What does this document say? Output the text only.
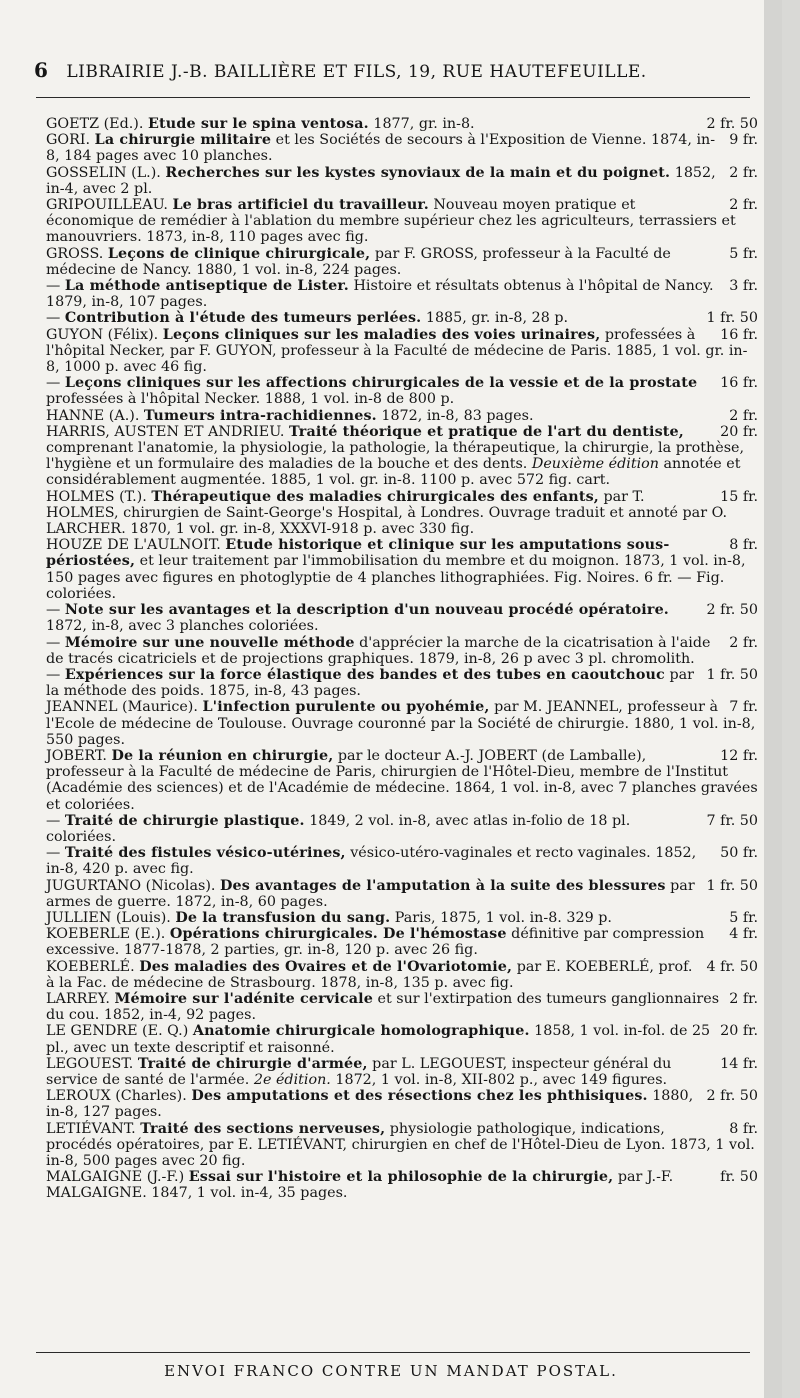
6 LIBRAIRIE J.-B. BAILLIÈRE ET FILS, 19, RUE HAUTEFEUILLE.
2 fr. 50
GOETZ (Ed.). Etude sur le spina ventosa. 1877, gr. in-8.
9 fr.
GORI. La chirurgie militaire et les Sociétés de secours à l'Exposition de Vienne. 1874, in-8, 184 pages avec 10 planches.
2 fr.
GOSSELIN (L.). Recherches sur les kystes synoviaux de la main et du poignet. 1852, in-4, avec 2 pl.
2 fr.
GRIPOUILLEAU. Le bras artificiel du travailleur. Nouveau moyen pratique et économique de remédier à l'ablation du membre supérieur chez les agriculteurs, terrassiers et manouvriers. 1873, in-8, 110 pages avec fig.
5 fr.
GROSS. Leçons de clinique chirurgicale, par F. GROSS, professeur à la Faculté de médecine de Nancy. 1880, 1 vol. in-8, 224 pages.
3 fr.
— La méthode antiseptique de Lister. Histoire et résultats obtenus à l'hôpital de Nancy. 1879, in-8, 107 pages.
1 fr. 50
— Contribution à l'étude des tumeurs perlées. 1885, gr. in-8, 28 p.
16 fr.
GUYON (Félix). Leçons cliniques sur les maladies des voies urinaires, professées à l'hôpital Necker, par F. GUYON, professeur à la Faculté de médecine de Paris. 1885, 1 vol. gr. in-8, 1000 p. avec 46 fig.
16 fr.
— Leçons cliniques sur les affections chirurgicales de la vessie et de la prostate professées à l'hôpital Necker. 1888, 1 vol. in-8 de 800 p.
2 fr.
HANNE (A.). Tumeurs intra-rachidiennes. 1872, in-8, 83 pages.
20 fr.
HARRIS, AUSTEN ET ANDRIEU. Traité théorique et pratique de l'art du dentiste, comprenant l'anatomie, la physiologie, la pathologie, la thérapeutique, la chirurgie, la prothèse, l'hygiène et un formulaire des maladies de la bouche et des dents. Deuxième édition annotée et considérablement augmentée. 1885, 1 vol. gr. in-8. 1100 p. avec 572 fig. cart.
15 fr.
HOLMES (T.). Thérapeutique des maladies chirurgicales des enfants, par T. HOLMES, chirurgien de Saint-George's Hospital, à Londres. Ouvrage traduit et annoté par O. LARCHER. 1870, 1 vol. gr. in-8, XXXVI-918 p. avec 330 fig.
8 fr.
HOUZE DE L'AULNOIT. Etude historique et clinique sur les amputations sous-périostées, et leur traitement par l'immobilisation du membre et du moignon. 1873, 1 vol. in-8, 150 pages avec figures en photoglyptie de 4 planches lithographiées. Fig. Noires. 6 fr. — Fig. coloriées.
2 fr. 50
— Note sur les avantages et la description d'un nouveau procédé opératoire. 1872, in-8, avec 3 planches coloriées.
2 fr.
— Mémoire sur une nouvelle méthode d'apprécier la marche de la cicatrisation à l'aide de tracés cicatriciels et de projections graphiques. 1879, in-8, 26 p avec 3 pl. chromolith.
1 fr. 50
— Expériences sur la force élastique des bandes et des tubes en caoutchouc par la méthode des poids. 1875, in-8, 43 pages.
7 fr.
JEANNEL (Maurice). L'infection purulente ou pyohémie, par M. JEANNEL, professeur à l'Ecole de médecine de Toulouse. Ouvrage couronné par la Société de chirurgie. 1880, 1 vol. in-8, 550 pages.
12 fr.
JOBERT. De la réunion en chirurgie, par le docteur A.-J. JOBERT (de Lamballe), professeur à la Faculté de médecine de Paris, chirurgien de l'Hôtel-Dieu, membre de l'Institut (Académie des sciences) et de l'Académie de médecine. 1864, 1 vol. in-8, avec 7 planches gravées et coloriées.
7 fr. 50
— Traité de chirurgie plastique. 1849, 2 vol. in-8, avec atlas in-folio de 18 pl. coloriées.
50 fr.
— Traité des fistules vésico-utérines, vésico-utéro-vaginales et recto vaginales. 1852, in-8, 420 p. avec fig.
1 fr. 50
JUGURTANO (Nicolas). Des avantages de l'amputation à la suite des blessures par armes de guerre. 1872, in-8, 60 pages.
5 fr.
JULLIEN (Louis). De la transfusion du sang. Paris, 1875, 1 vol. in-8. 329 p.
4 fr.
KOEBERLE (E.). Opérations chirurgicales. De l'hémostase définitive par compression excessive. 1877-1878, 2 parties, gr. in-8, 120 p. avec 26 fig.
4 fr. 50
KOEBERLÉ. Des maladies des Ovaires et de l'Ovariotomie, par E. KOEBERLÉ, prof. à la Fac. de médecine de Strasbourg. 1878, in-8, 135 p. avec fig.
2 fr.
LARREY. Mémoire sur l'adénite cervicale et sur l'extirpation des tumeurs ganglionnaires du cou. 1852, in-4, 92 pages.
20 fr.
LE GENDRE (E. Q.) Anatomie chirurgicale homolographique. 1858, 1 vol. in-fol. de 25 pl., avec un texte descriptif et raisonné.
14 fr.
LEGOUEST. Traité de chirurgie d'armée, par L. LEGOUEST, inspecteur général du service de santé de l'armée. 2e édition. 1872, 1 vol. in-8, XII-802 p., avec 149 figures.
2 fr. 50
LEROUX (Charles). Des amputations et des résections chez les phthisiques. 1880, in-8, 127 pages.
8 fr.
LETIÉVANT. Traité des sections nerveuses, physiologie pathologique, indications, procédés opératoires, par E. LETIÉVANT, chirurgien en chef de l'Hôtel-Dieu de Lyon. 1873, 1 vol. in-8, 500 pages avec 20 fig.
fr. 50
MALGAIGNE (J.-F.) Essai sur l'histoire et la philosophie de la chirurgie, par J.-F. MALGAIGNE. 1847, 1 vol. in-4, 35 pages.
ENVOI FRANCO CONTRE UN MANDAT POSTAL.
